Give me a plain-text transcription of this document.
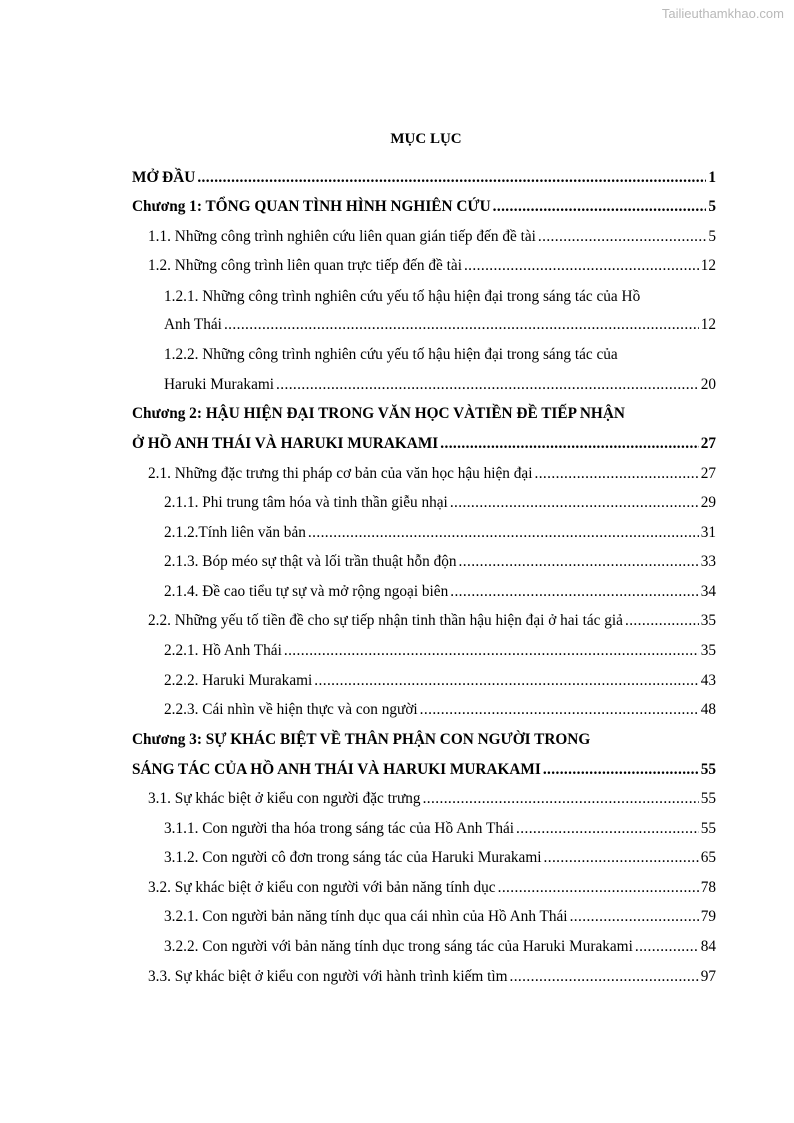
Tailieuthamkhao.com
MỤC LỤC
MỞ ĐẦU .....	1
Chương 1: TỔNG QUAN TÌNH HÌNH NGHIÊN CỨU .....	5
1.1. Những công trình nghiên cứu liên quan gián tiếp đến đề tài .....	5
1.2. Những công trình liên quan trực tiếp đến đề tài .....	12
1.2.1. Những công trình nghiên cứu yếu tố hậu hiện đại trong sáng tác của Hồ
Anh Thái .....	12
1.2.2. Những công trình nghiên cứu yếu tố hậu hiện đại trong sáng tác của
Haruki Murakami .....	20
Chương 2: HẬU HIỆN ĐẠI TRONG VĂN HỌC VÀTIỀN ĐỀ TIẾP NHẬN
Ở HỒ ANH THÁI VÀ HARUKI MURAKAMI .....	27
2.1. Những đặc trưng thi pháp cơ bản của văn học hậu hiện đại .....	27
2.1.1. Phi trung tâm hóa và tinh thần giễu nhại .....	29
2.1.2.Tính liên văn bản .....	31
2.1.3. Bóp méo sự thật và lối trần thuật hỗn độn .....	33
2.1.4. Đề cao tiểu tự sự và mở rộng ngoại biên .....	34
2.2. Những yếu tố tiền đề cho sự tiếp nhận tinh thần hậu hiện đại ở hai tác giả .....	35
2.2.1. Hồ Anh Thái .....	35
2.2.2. Haruki Murakami .....	43
2.2.3. Cái nhìn về hiện thực và con người .....	48
Chương 3: SỰ KHÁC BIỆT VỀ THÂN PHẬN CON NGƯỜI TRONG
SÁNG TÁC CỦA HỒ ANH THÁI VÀ HARUKI MURAKAMI .....	55
3.1. Sự khác biệt ở kiểu con người đặc trưng .....	55
3.1.1. Con người tha hóa trong sáng tác của Hồ Anh Thái .....	55
3.1.2. Con người cô đơn trong sáng tác của Haruki Murakami .....	65
3.2. Sự khác biệt ở kiểu con người với bản năng tính dục .....	78
3.2.1. Con người bản năng tính dục qua cái nhìn của Hồ Anh Thái .....	79
3.2.2. Con người với bản năng tính dục trong sáng tác của Haruki Murakami .....	84
3.3. Sự khác biệt ở kiểu con người với hành trình kiếm tìm .....	97
